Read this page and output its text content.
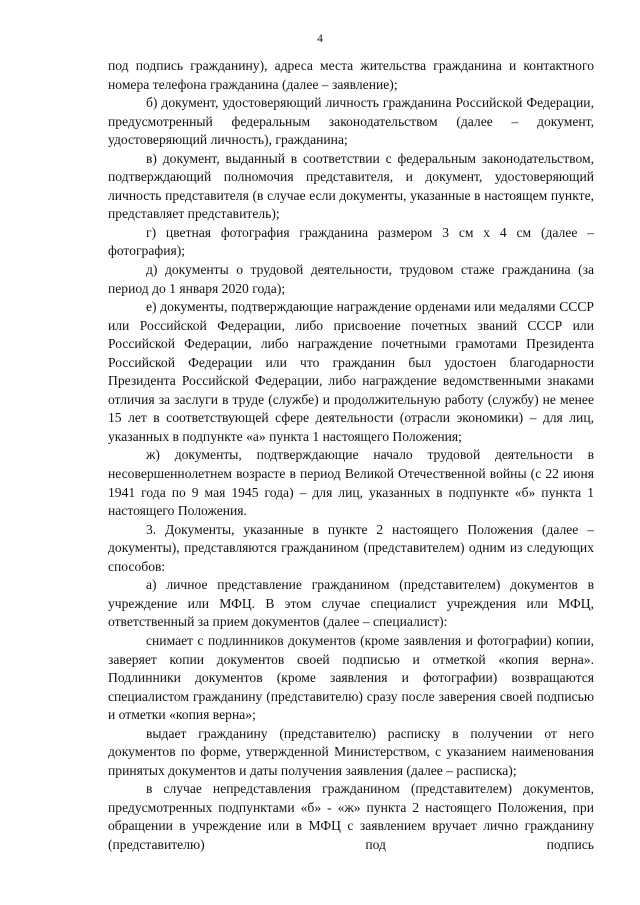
4

под подпись гражданину), адреса места жительства гражданина и контактного номера телефона гражданина (далее – заявление);

б) документ, удостоверяющий личность гражданина Российской Федерации, предусмотренный федеральным законодательством (далее – документ, удостоверяющий личность), гражданина;

в) документ, выданный в соответствии с федеральным законодательством, подтверждающий полномочия представителя, и документ, удостоверяющий личность представителя (в случае если документы, указанные в настоящем пункте, представляет представитель);

г) цветная фотография гражданина размером 3 см х 4 см (далее – фотография);

д) документы о трудовой деятельности, трудовом стаже гражданина (за период до 1 января 2020 года);

е) документы, подтверждающие награждение орденами или медалями СССР или Российской Федерации, либо присвоение почетных званий СССР или Российской Федерации, либо награждение почетными грамотами Президента Российской Федерации или что гражданин был удостоен благодарности Президента Российской Федерации, либо награждение ведомственными знаками отличия за заслуги в труде (службе) и продолжительную работу (службу) не менее 15 лет в соответствующей сфере деятельности (отрасли экономики) – для лиц, указанных в подпункте «а» пункта 1 настоящего Положения;

ж) документы, подтверждающие начало трудовой деятельности в несовершеннолетнем возрасте в период Великой Отечественной войны (с 22 июня 1941 года по 9 мая 1945 года) – для лиц, указанных в подпункте «б» пункта 1 настоящего Положения.

3. Документы, указанные в пункте 2 настоящего Положения (далее – документы), представляются гражданином (представителем) одним из следующих способов:

а) личное представление гражданином (представителем) документов в учреждение или МФЦ. В этом случае специалист учреждения или МФЦ, ответственный за прием документов (далее – специалист):

снимает с подлинников документов (кроме заявления и фотографии) копии, заверяет копии документов своей подписью и отметкой «копия верна». Подлинники документов (кроме заявления и фотографии) возвращаются специалистом гражданину (представителю) сразу после заверения своей подписью и отметки «копия верна»;

выдает гражданину (представителю) расписку в получении от него документов по форме, утвержденной Министерством, с указанием наименования принятых документов и даты получения заявления (далее – расписка);

в случае непредставления гражданином (представителем) документов, предусмотренных подпунктами «б» - «ж» пункта 2 настоящего Положения, при обращении в учреждение или в МФЦ с заявлением вручает лично гражданину (представителю) под подпись
